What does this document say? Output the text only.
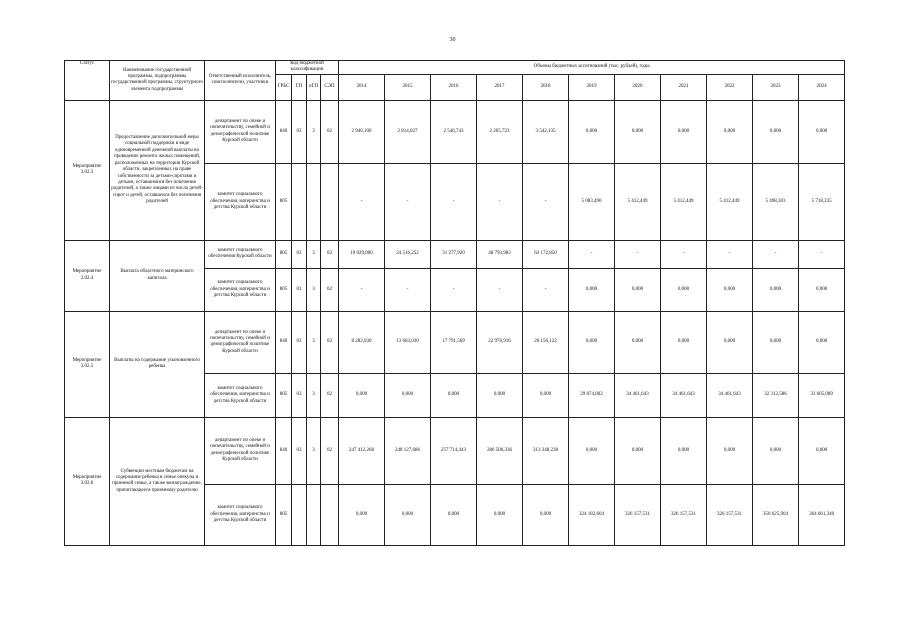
30
Статус	Наименование государственной программы, подпрограммы государственной программы, структурного элемента подпрограммы	Ответственный исполнитель, соисполнители, участники	Код бюджетной классификации				Объемы бюджетных ассигнований (тыс. рублей), годы										
			ГРБС	ГП	пГП	СЭП	2014	2015	2016	2017	2018	2019	2020	2021	2022	2023	2024
Мероприятие 3.02.3	Предоставление дополнительной меры социальной поддержки в виде единовременной денежной выплаты на проведение ремонта жилых помещений, расположенных на территории Курской области, закрепленных на праве собственности за детьми-сиротами и детьми, оставшимися без попечения родителей, а также лицами из числа детей-сирот и детей, оставшихся без попечения родителей	департамент по опеке и попечительству, семейной и демографической политике Курской области	840	03	3	02	2 940,100	2 814,027	2 546,743	2 205,723	3 542,135	0,000	0,000	0,000	0,000	0,000	0,000
		комитет социального обеспечения, материнства и детства Курской области	805				-	-	-	-	-	5 083,490	5 412,449	5 412,449	5 412,449	5 498,303	5 718,235
Мероприятие 3.02.4	Выплата областного материнского капитала	комитет социального обеспечения Курской области	805	03	3	02	19 029,000	24 516,252	31 277,920	48 793,983	64 172,850	-	-	-	-	-	-
		комитет социального обеспечения, материнства и детства Курской области	805	03	3	02	-	-	-	-	-	0,000	0,000	0,000	0,000	0,000	0,000
Мероприятие 3.02.5	Выплаты на содержание усыновленного ребенка	департамент по опеке и попечительству, семейной и демографической политике Курской области	840	03	3	02	8 282,030	13 603,030	17 791,569	22 976,916	26 156,122	0,000	0,000	0,000	0,000	0,000	0,000
		комитет социального обеспечения, материнства и детства Курской области	805	03	3	02	0,000	0,000	0,000	0,000	0,000	29 874,802	34 461,643	34 461,643	34 461,643	32 312,586	33 605,089
Мероприятие 3.02.6	Субвенции местным бюджетам на содержание ребенка в семье опекуна и приемной семье, а также вознаграждение, причитающееся приемному родителю	департамент по опеке и попечительству, семейной и демографической политике Курской области	840	03	3	02	247 412,268	248 127,686	257 714,443	286 506,336	313 348,238	0,000	0,000	0,000	0,000	0,000	0,000
		комитет социального обеспечения, материнства и детства Курской области	805				0,000	0,000	0,000	0,000	0,000	324 182,604	326 157,531	326 157,531	326 157,531	350 625,904	364 661,340
